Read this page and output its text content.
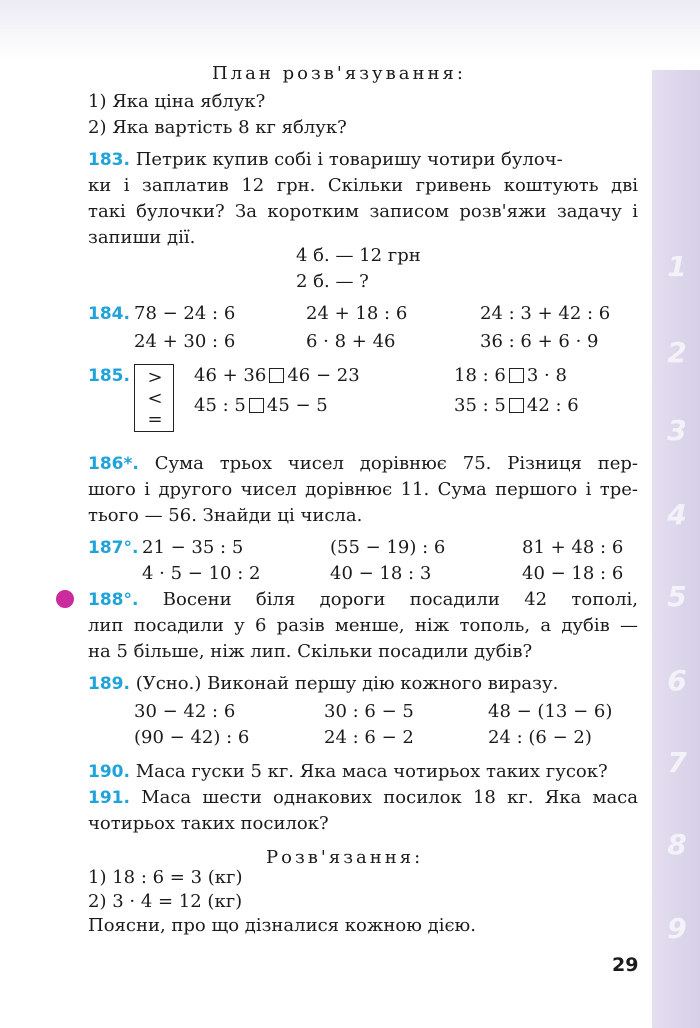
1
2
3
4
5
6
7
8
9
План розв'язування:
1) Яка ціна яблук?
2) Яка вартість 8 кг яблук?
183. Петрик купив собі і товаришу чотири булоч-
ки і заплатив 12 грн. Скільки гривень коштують дві
такі булочки? За коротким записом розв'яжи задачу і
запиши дії.
4 б. — 12 грн
2 б. — ?
184. 78 − 24 : 6	24 + 18 : 6	24 : 3 + 42 : 6
24 + 30 : 6	6 · 8 + 46	36 : 6 + 6 · 9
185. >
<
=
46 + 36 46 − 23	18 : 6 3 · 8
45 : 5 45 − 5	35 : 5 42 : 6
186*. Сума трьох чисел дорівнює 75. Різниця пер-
шого і другого чисел дорівнює 11. Сума першого і тре-
тього — 56. Знайди ці числа.
187°. 21 − 35 : 5	(55 − 19) : 6	81 + 48 : 6
4 · 5 − 10 : 2	40 − 18 : 3	40 − 18 : 6
188°. Восени біля дороги посадили 42 тополі,
лип посадили у 6 разів менше, ніж тополь, а дубів —
на 5 більше, ніж лип. Скільки посадили дубів?
189. (Усно.) Виконай першу дію кожного виразу.
30 − 42 : 6	30 : 6 − 5	48 − (13 − 6)
(90 − 42) : 6	24 : 6 − 2	24 : (6 − 2)
190. Маса гуски 5 кг. Яка маса чотирьох таких гусок?
191. Маса шести однакових посилок 18 кг. Яка маса
чотирьох таких посилок?
Розв'язання:
1) 18 : 6 = 3 (кг)
2) 3 · 4 = 12 (кг)
Поясни, про що дізналися кожною дією.
29
